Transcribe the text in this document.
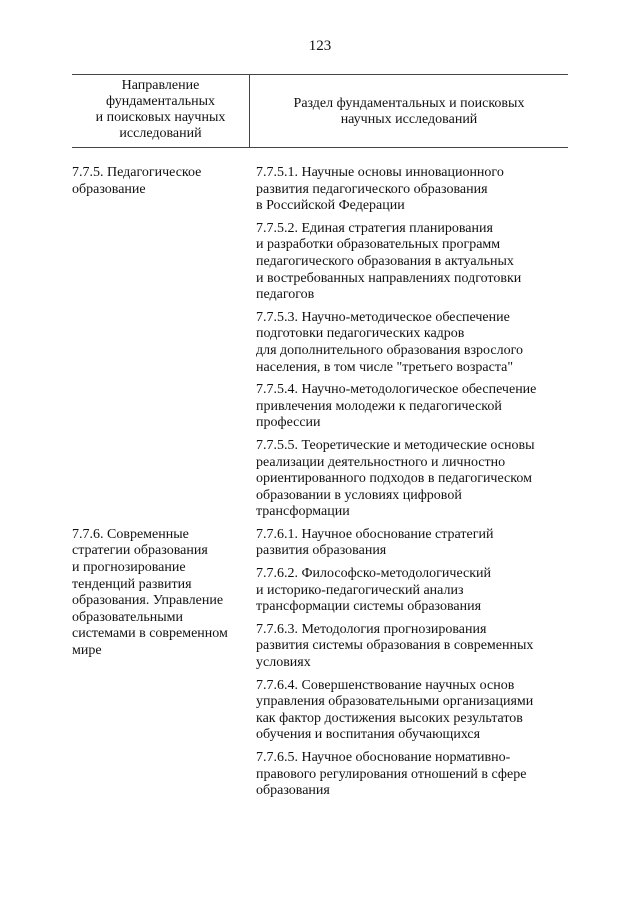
123
Направление
фундаментальных
и поисковых научных
исследований
Раздел фундаментальных и поисковых
научных исследований
7.7.5. Педагогическое
образование
7.7.5.1. Научные основы инновационного
развития педагогического образования
в Российской Федерации
7.7.5.2. Единая стратегия планирования
и разработки образовательных программ
педагогического образования в актуальных
и востребованных направлениях подготовки
педагогов
7.7.5.3. Научно-методическое обеспечение
подготовки педагогических кадров
для дополнительного образования взрослого
населения, в том числе "третьего возраста"
7.7.5.4. Научно-методологическое обеспечение
привлечения молодежи к педагогической
профессии
7.7.5.5. Теоретические и методические основы
реализации деятельностного и личностно
ориентированного подходов в педагогическом
образовании в условиях цифровой
трансформации
7.7.6. Современные
стратегии образования
и прогнозирование
тенденций развития
образования. Управление
образовательными
системами в современном
мире
7.7.6.1. Научное обоснование стратегий
развития образования
7.7.6.2. Философско-методологический
и историко-педагогический анализ
трансформации системы образования
7.7.6.3. Методология прогнозирования
развития системы образования в современных
условиях
7.7.6.4. Совершенствование научных основ
управления образовательными организациями
как фактор достижения высоких результатов
обучения и воспитания обучающихся
7.7.6.5. Научное обоснование нормативно-
правового регулирования отношений в сфере
образования
